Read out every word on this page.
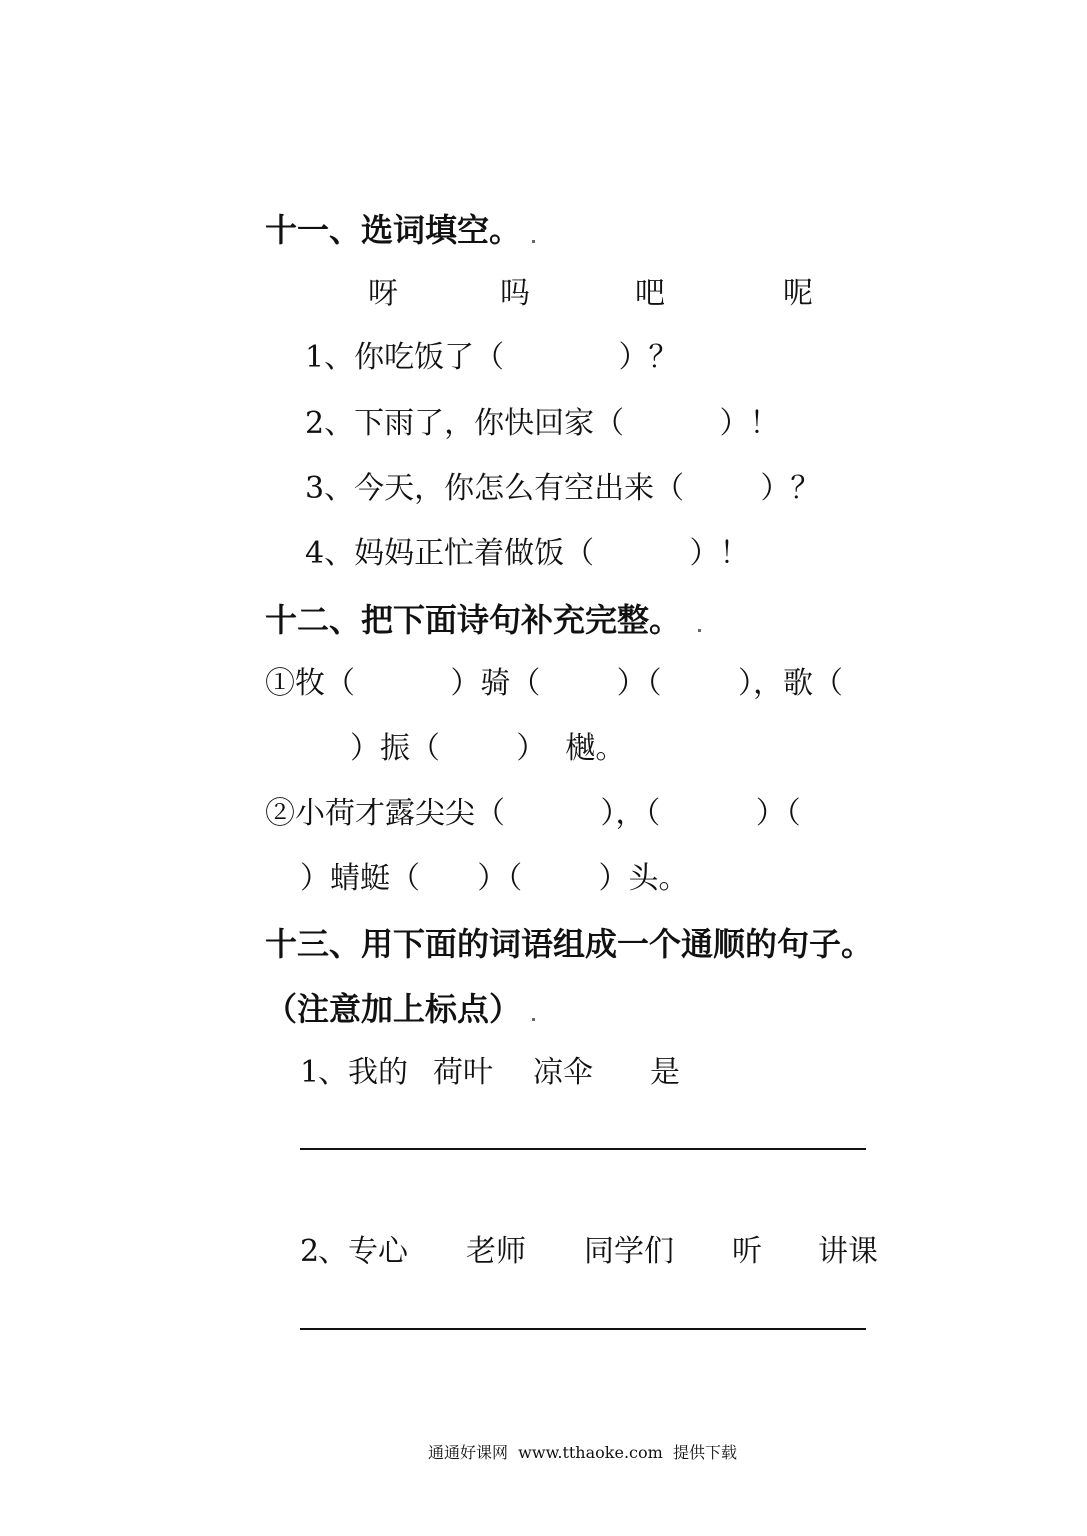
十一、选词填空。
呀	吗	吧	呢
1、你吃饭了（            ）？
2、下雨了，你快回家（          ）！
3、今天，你怎么有空出来（        ）？
4、妈妈正忙着做饭（          ）！
十二、把下面诗句补充完整。
①牧（          ）骑（        ）（        ），歌（
）振（        ）  樾。
②小荷才露尖尖（          ），（          ）（
）蜻蜓（      ）（        ）头。
十三、用下面的词语组成一个通顺的句子。
（注意加上标点）
1
、我的 荷叶 凉伞 是
2
、专心 老师 同学们 听 讲课
通通好课网  www.tthaoke.com  提供下载
